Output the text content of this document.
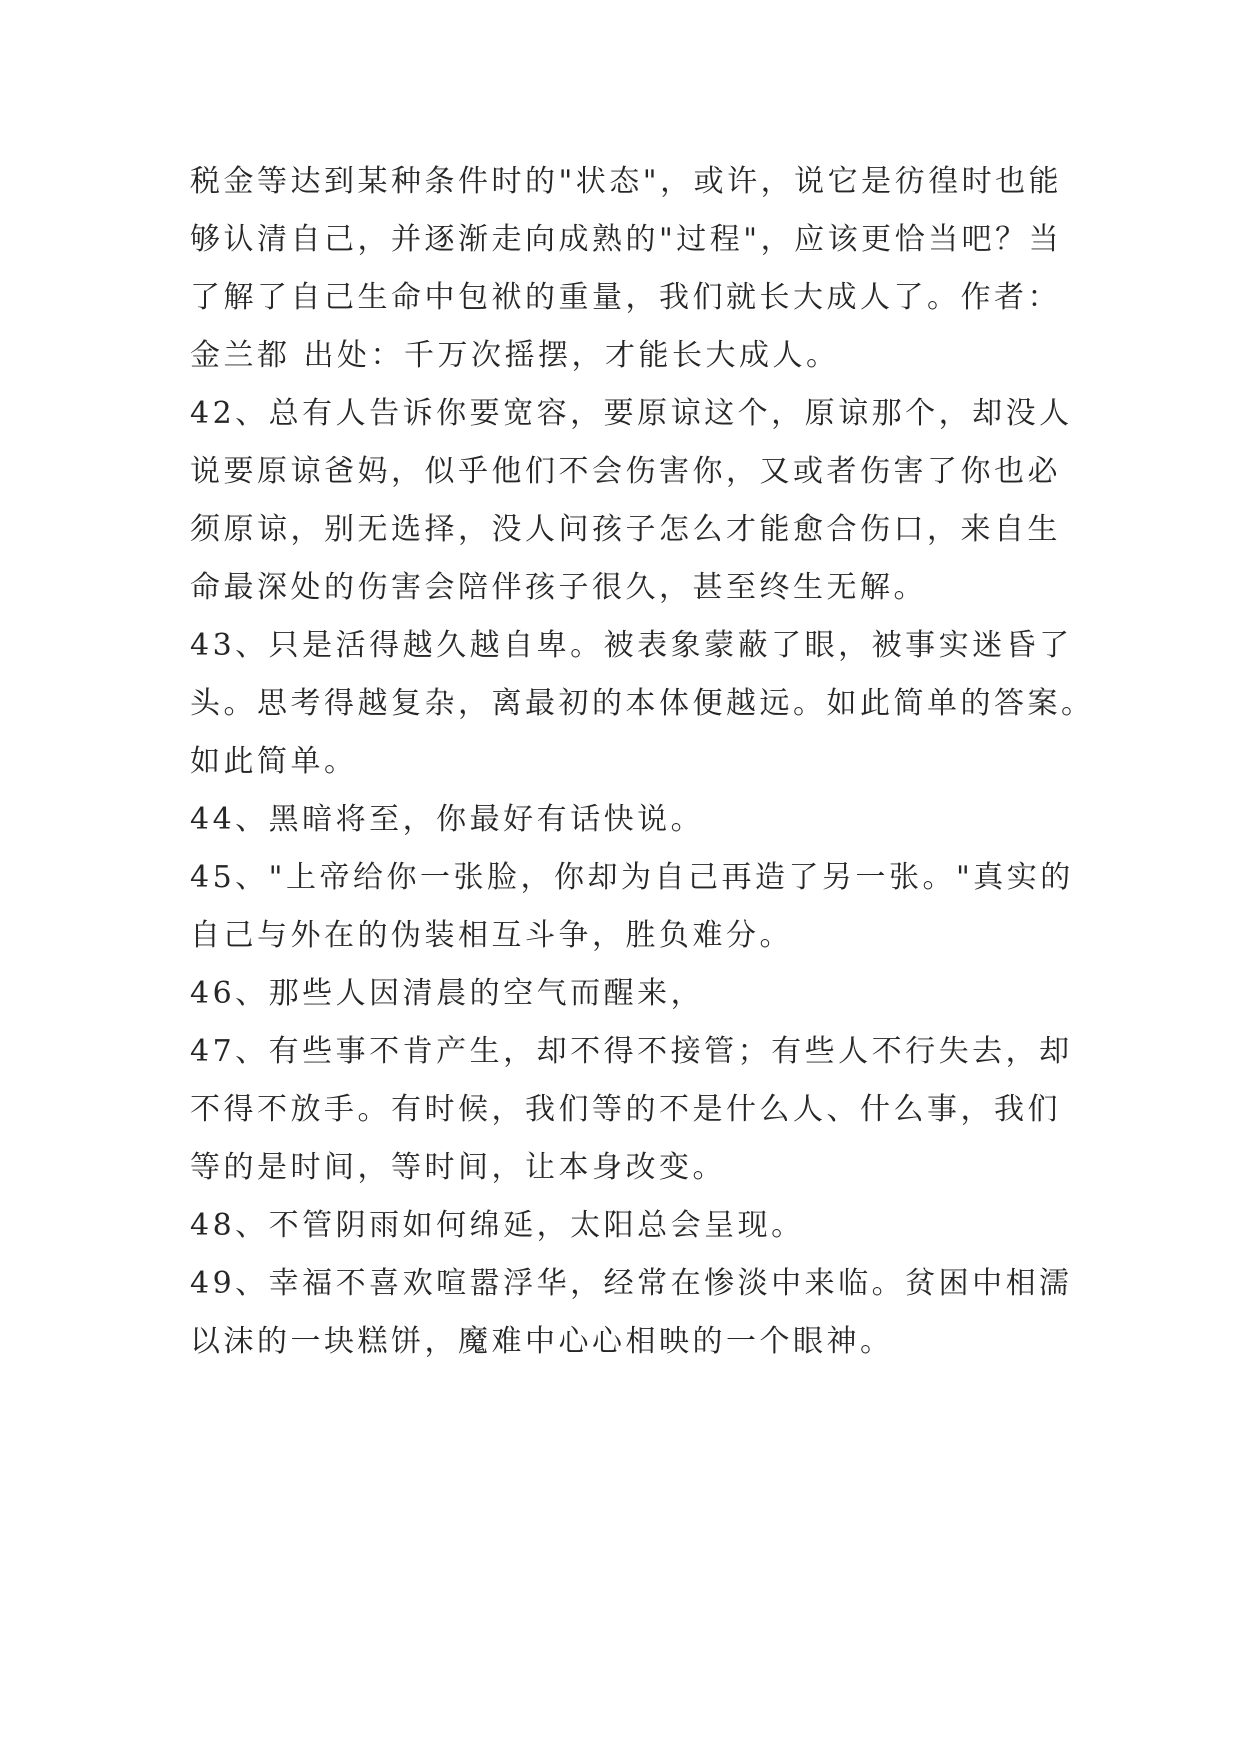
税金等达到某种条件时的"状态"，或许，说它是彷徨时也能
够认清自己，并逐渐走向成熟的"过程"，应该更恰当吧？当
了解了自己生命中包袱的重量，我们就长大成人了。作者：
金兰都 出处：千万次摇摆，才能长大成人。

42、总有人告诉你要宽容，要原谅这个，原谅那个，却没人
说要原谅爸妈，似乎他们不会伤害你，又或者伤害了你也必
须原谅，别无选择，没人问孩子怎么才能愈合伤口，来自生
命最深处的伤害会陪伴孩子很久，甚至终生无解。

43、只是活得越久越自卑。被表象蒙蔽了眼，被事实迷昏了
头。思考得越复杂，离最初的本体便越远。如此简单的答案。
如此简单。

44、黑暗将至，你最好有话快说。

45、"上帝给你一张脸，你却为自己再造了另一张。"真实的
自己与外在的伪装相互斗争，胜负难分。

46、那些人因清晨的空气而醒来，

47、有些事不肯产生，却不得不接管；有些人不行失去，却
不得不放手。有时候，我们等的不是什么人、什么事，我们
等的是时间，等时间，让本身改变。

48、不管阴雨如何绵延，太阳总会呈现。

49、幸福不喜欢喧嚣浮华，经常在惨淡中来临。贫困中相濡
以沫的一块糕饼，魔难中心心相映的一个眼神。
